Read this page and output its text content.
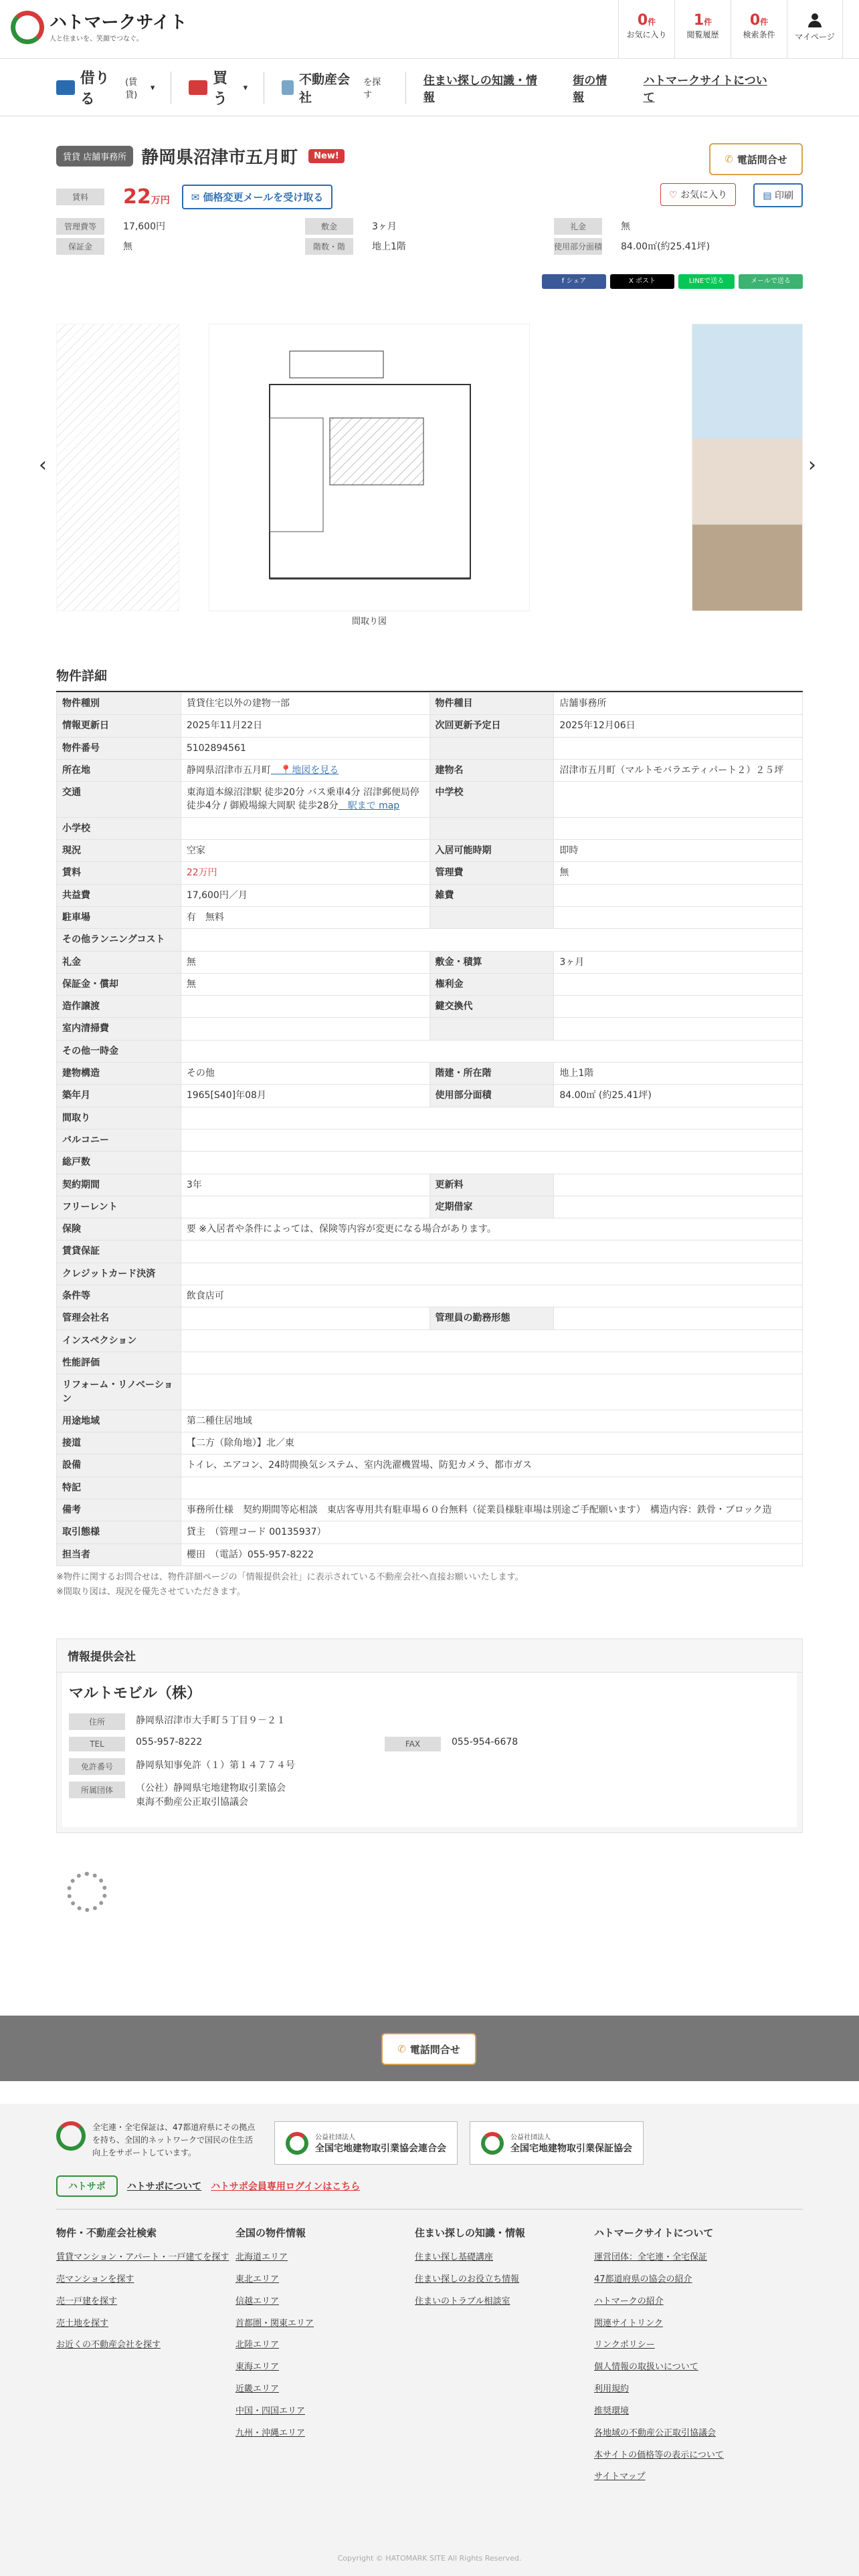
ハトマークサイト
人と住まいを、笑顔でつなぐ。
0件
お気に入り
1件
閲覧履歴
0件
検索条件	マイページ
借りる
(賃貸)
▾
買う
▾
不動産会社
を探す
住まい探しの知識・情報
街の情報
ハトマークサイトについて
賃貸 店舗事務所 静岡県沼津市五月町	New!	✆ 電話問合せ
賃料	22万円	✉ 価格変更メールを受け取る	♡ お気に入り	▤ 印刷
管理費等	17,600円	敷金	3ヶ月	礼金	無
保証金	無	階数・階	地上1階	使用部分面積 84.00㎡(約25.41坪)
f シェア	X ポスト	LINEで送る	メールで送る
間取り図
‹	›
物件詳細
物件種別	賃貸住宅以外の建物一部	物件種目	店舗事務所
情報更新日	2025年11月22日	次回更新予定日	2025年12月06日
物件番号	5102894561		
所在地	静岡県沼津市五月町　📍地図を見る	建物名	沼津市五月町（マルトモバラエティパート２）２５坪
交通	東海道本線沼津駅 徒歩20分 バス乗車4分 沼津郵便局停 徒歩4分 / 御殿場線大岡駅 徒歩28分　駅まで map	中学校	
小学校			
現況	空家	入居可能時期	即時
賃料	22万円	管理費	無
共益費	17,600円／月	雑費	
駐車場	有　無料		
その他ランニングコスト			
礼金	無	敷金・積算	3ヶ月
保証金・償却	無	権利金	
造作譲渡		鍵交換代	
室内清掃費			
その他一時金			
建物構造	その他	階建・所在階	地上1階
築年月	1965[S40]年08月	使用部分面積	84.00㎡ (約25.41坪)
間取り			
バルコニー			
総戸数			
契約期間	3年	更新料	
フリーレント		定期借家	
保険	要 ※入居者や条件によっては、保険等内容が変更になる場合があります。		
賃貸保証			
クレジットカード決済			
条件等	飲食店可		
管理会社名		管理員の勤務形態	
インスペクション			
性能評価			
リフォーム・リノベーション			
用途地域	第二種住居地域		
接道	【二方（除角地）】北／東		
設備	トイレ、エアコン、24時間換気システム、室内洗濯機置場、防犯カメラ、都市ガス		
特記			
備考	事務所仕様　契約期間等応相談　東店客専用共有駐車場６０台無料（従業員様駐車場は別途ご手配願います）　構造内容：鉄骨・ブロック造		
取引態様	貸主　（管理コード 00135937）		
担当者	櫻田　（電話）055-957-8222		
※物件に関するお問合せは、物件詳細ページの「情報提供会社」に表示されている不動産会社へ直接お願いいたします。
※間取り図は、現況を優先させていただきます。
情報提供会社
マルトモビル（株）
住所	静岡県沼津市大手町５丁目９－２１
TEL	055-957-8222	FAX	055-954-6678
免許番号	静岡県知事免許（１）第１４７７４号
所属団体	（公社）静岡県宅地建物取引業協会
東海不動産公正取引協議会
✆ 電話問合せ

全宅連・全宅保証は、47都道府県にその拠点を持ち、全国的ネットワークで国民の住生活向上をサポートしています。

公益社団法人
全国宅地建物取引業協会連合会
公益社団法人
全国宅地建物取引業保証協会
ハトサポ	ハトサポについて ハトサポ会員専用ログインはこちら
物件・不動産会社検索
賃貸マンション・アパート・一戸建てを探す
売マンションを探す
売一戸建を探す
売土地を探す
お近くの不動産会社を探す
全国の物件情報
北海道エリア
東北エリア
信越エリア
首都圏・関東エリア
北陸エリア
東海エリア
近畿エリア
中国・四国エリア
九州・沖縄エリア
住まい探しの知識・情報
住まい探し基礎講座
住まい探しのお役立ち情報
住まいのトラブル相談室
ハトマークサイトについて
運営団体：全宅連・全宅保証
47都道府県の協会の紹介
ハトマークの紹介
関連サイトリンク
リンクポリシー
個人情報の取扱いについて
利用規約
推奨環境
各地域の不動産公正取引協議会
本サイトの価格等の表示について
サイトマップ
Copyright © HATOMARK SITE All Rights Reserved.
